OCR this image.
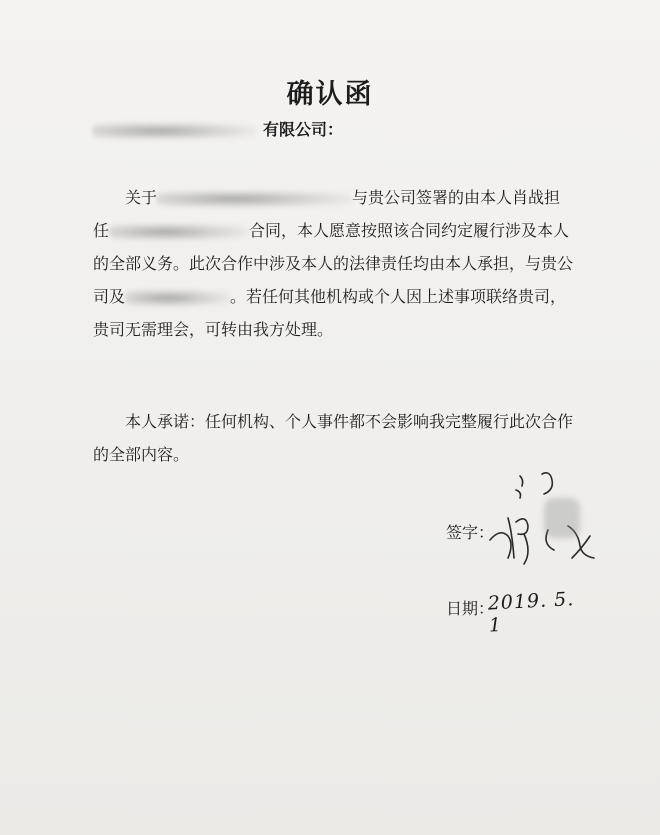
确认函
有限公司：
关于	与贵公司签署的由本人肖战担
任	合同，本人愿意按照该合同约定履行涉及本人
的全部义务。此次合作中涉及本人的法律责任均由本人承担，与贵公
司及	。若任何其他机构或个人因上述事项联络贵司，
贵司无需理会，可转由我方处理。
本人承诺：任何机构、个人事件都不会影响我完整履行此次合作
的全部内容。
签字：
日期：
2019. 5. 1
